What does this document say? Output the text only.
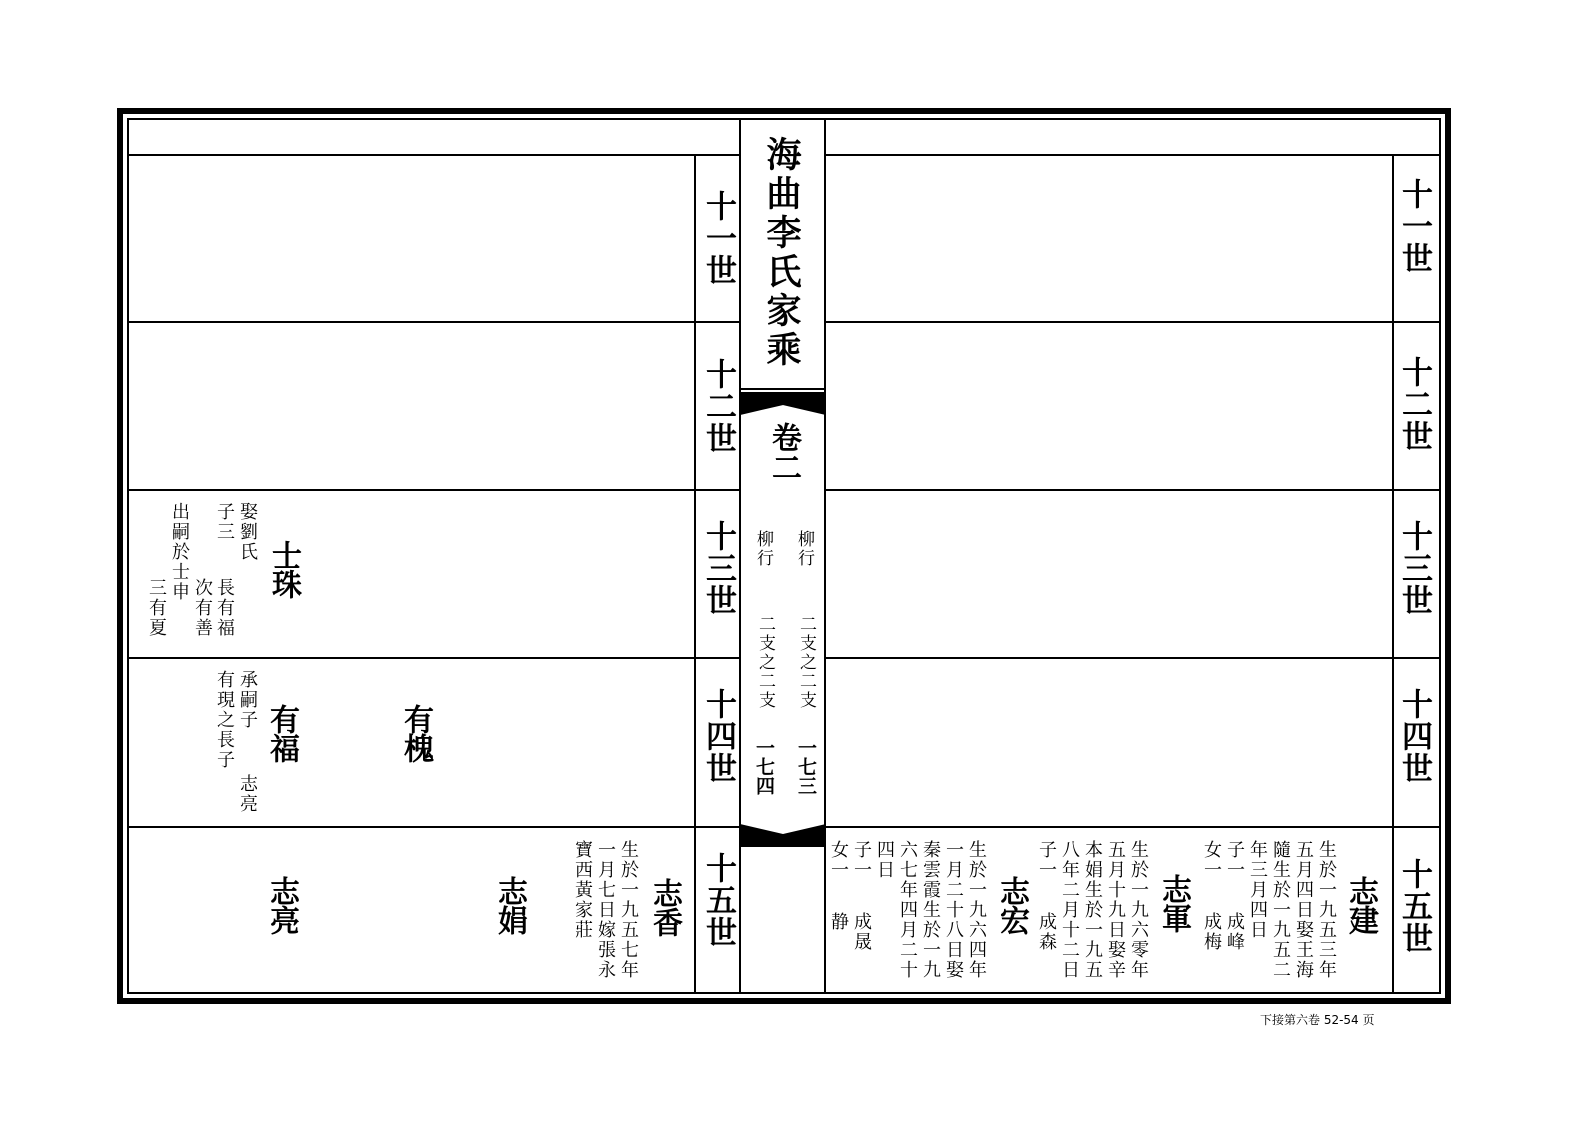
海曲李氏家乘
卷二
柳行
柳行
二支之二支
二支之二支
一七三
一七四
十一世
十二世
十三世
十四世
十五世
十一世
十二世
十三世
十四世
十五世
士珠
娶劉氏
子三
長有福
次有善
出嗣於士申
三有夏
有福
承嗣子
有現之長子
志亮
有槐
志香
生於一九五七年
一月七日嫁張永
寶西黃家莊
志娟
志亮	志建
生於一九五三年
五月四日娶王海
隨生於一九五二
年三月四日
子一
女一
成峰
成梅
志軍
生於一九六零年
五月十九日娶辛
本娟生於一九五
八年二月十二日
子一
成森
志宏
生於一九六四年
一月二十八日娶
秦雲霞生於一九
六七年四月二十
四日
子一
女一
成晟
静
下接第六卷 52-54 页
